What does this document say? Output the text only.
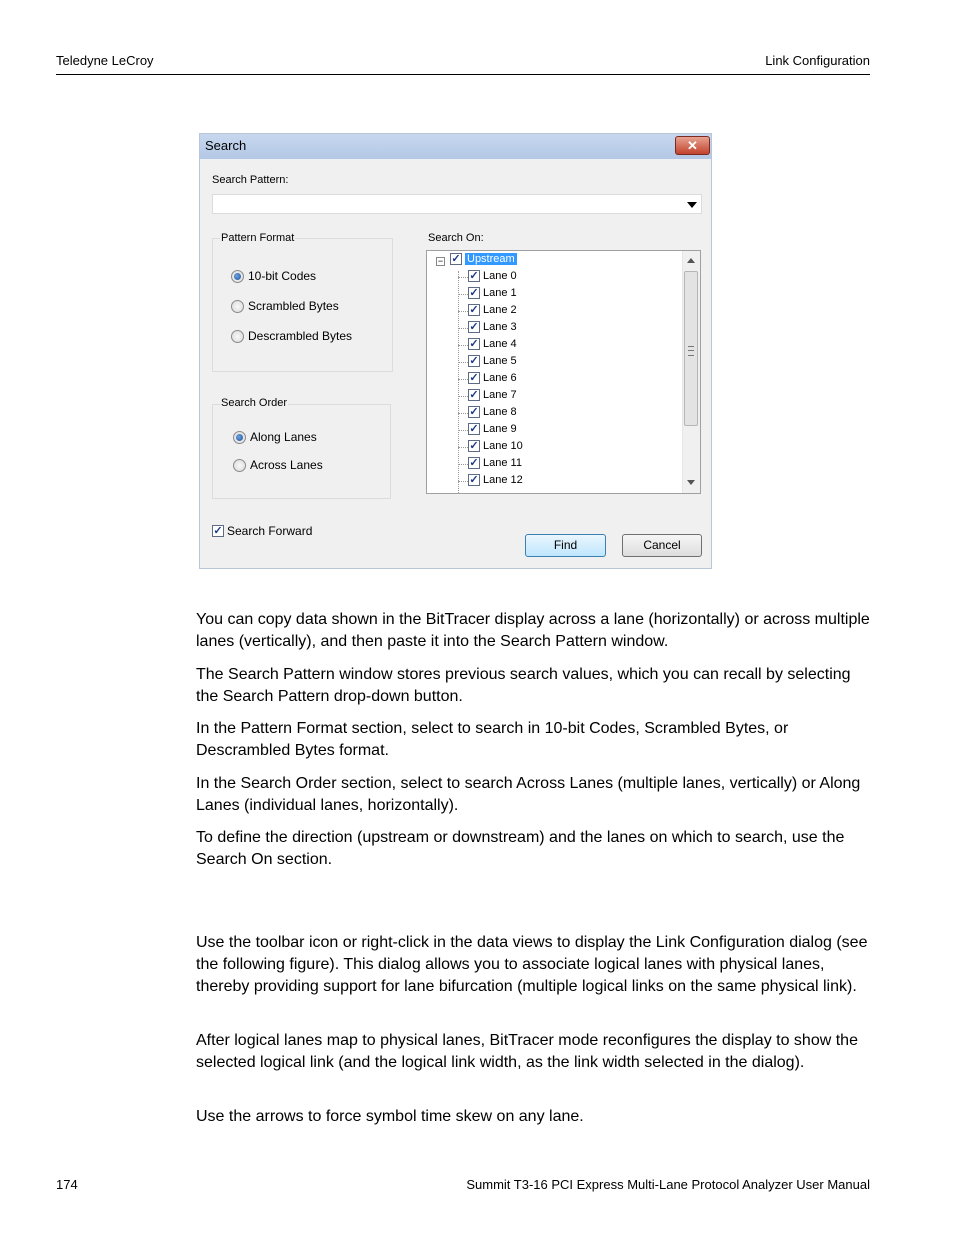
Teledyne LeCroy	Link Configuration
Search	✕
Search Pattern:
Pattern Format
10-bit Codes
Scrambled Bytes
Descrambled Bytes
Search Order
Along Lanes
Across Lanes
Search On:
− ✓ Upstream
✓ Lane 0
✓ Lane 1
✓ Lane 2
✓ Lane 3
✓ Lane 4
✓ Lane 5
✓ Lane 6
✓ Lane 7
✓ Lane 8
✓ Lane 9
✓ Lane 10
✓ Lane 11
✓ Lane 12
✓ Search Forward
Find	Cancel

You can copy data shown in the BitTracer display across a lane (horizontally) or across multiple lanes (vertically), and then paste it into the Search Pattern window.

The Search Pattern window stores previous search values, which you can recall by selecting the Search Pattern drop-down button.

In the Pattern Format section, select to search in 10-bit Codes, Scrambled Bytes, or Descrambled Bytes format.

In the Search Order section, select to search Across Lanes (multiple lanes, vertically) or Along Lanes (individual lanes, horizontally).

To define the direction (upstream or downstream) and the lanes on which to search, use the Search On section.

Use the toolbar icon or right-click in the data views to display the Link Configuration dialog (see the following figure). This dialog allows you to associate logical lanes with physical lanes, thereby providing support for lane bifurcation (multiple logical links on the same physical link).

After logical lanes map to physical lanes, BitTracer mode reconfigures the display to show the selected logical link (and the logical link width, as the link width selected in the dialog).

Use the arrows to force symbol time skew on any lane.

174	Summit T3-16 PCI Express Multi-Lane Protocol Analyzer User Manual
